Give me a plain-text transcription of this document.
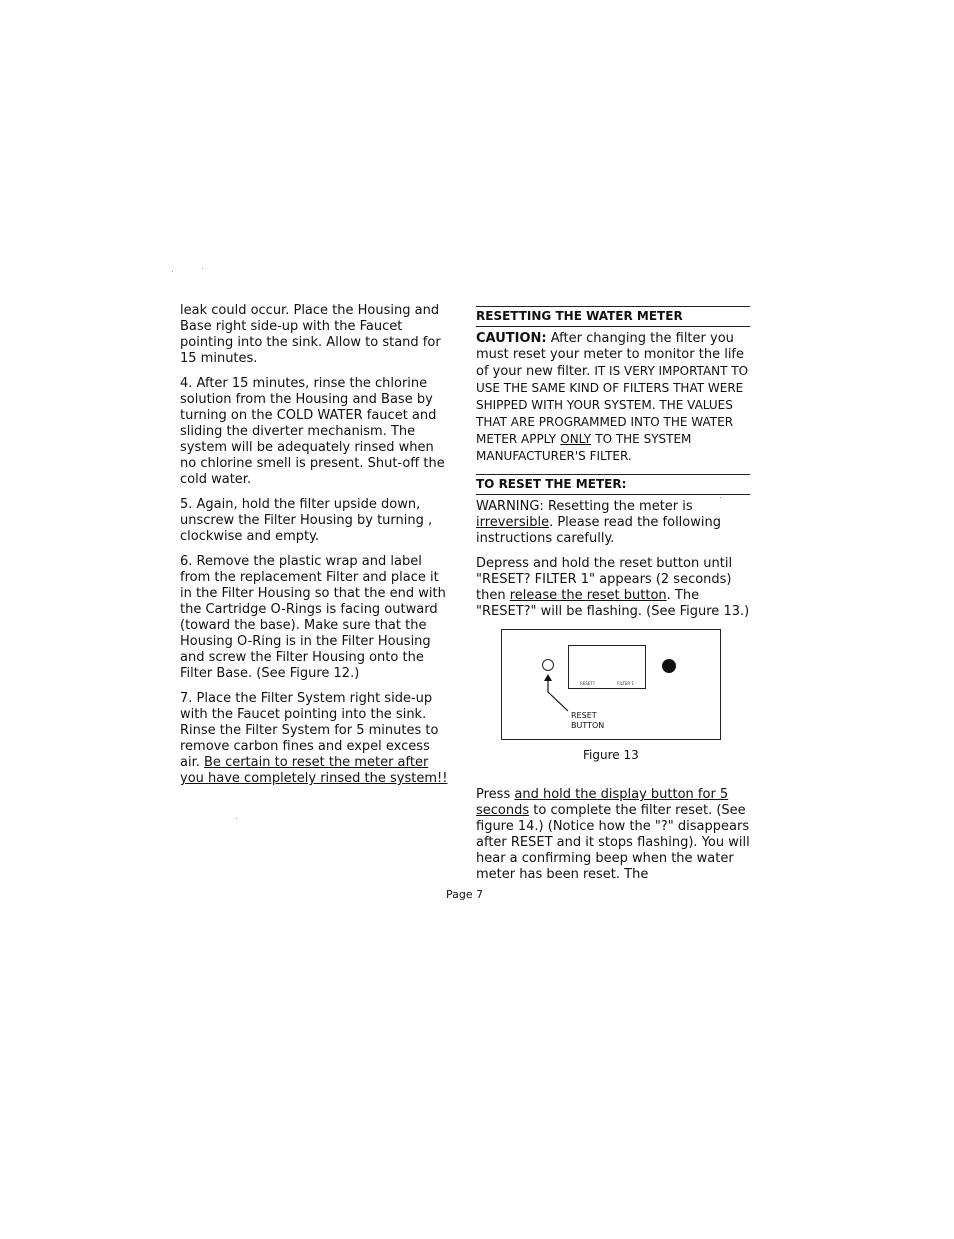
leak could occur. Place the Housing and Base right side-up with the Faucet pointing into the sink. Allow to stand for 15 minutes.

4. After 15 minutes, rinse the chlorine solution from the Housing and Base by turning on the COLD WATER faucet and sliding the diverter mechanism. The system will be adequately rinsed when no chlorine smell is present. Shut-off the cold water.

5. Again, hold the filter upside down, unscrew the Filter Housing by turning , clockwise and empty.

6. Remove the plastic wrap and label from the replacement Filter and place it in the Filter Housing so that the end with the Cartridge O-Rings is facing outward (toward the base). Make sure that the Housing O-Ring is in the Filter Housing and screw the Filter Housing onto the Filter Base. (See Figure 12.)

7. Place the Filter System right side-up with the Faucet pointing into the sink. Rinse the Filter System for 5 minutes to remove carbon fines and expel excess air. Be certain to reset the meter after you have completely rinsed the system!!

RESETTING THE WATER METER

CAUTION: After changing the filter you must reset your meter to monitor the life of your new filter. IT IS VERY IMPORTANT TO USE THE SAME KIND OF FILTERS THAT WERE SHIPPED WITH YOUR SYSTEM. THE VALUES THAT ARE PROGRAMMED INTO THE WATER METER APPLY ONLY TO THE SYSTEM MANUFACTURER'S FILTER.

TO RESET THE METER:

WARNING: Resetting the meter is irreversible. Please read the following instructions carefully.

Depress and hold the reset button until "RESET? FILTER 1" appears (2 seconds) then release the reset button. The "RESET?" will be flashing. (See Figure 13.)

RESET?	FILTER 1
RESET
BUTTON
Figure 13

Press and hold the display button for 5 seconds to complete the filter reset. (See figure 14.) (Notice how the "?" disappears after RESET and it stops flashing). You will hear a confirming beep when the water meter has been reset. The

Page 7
